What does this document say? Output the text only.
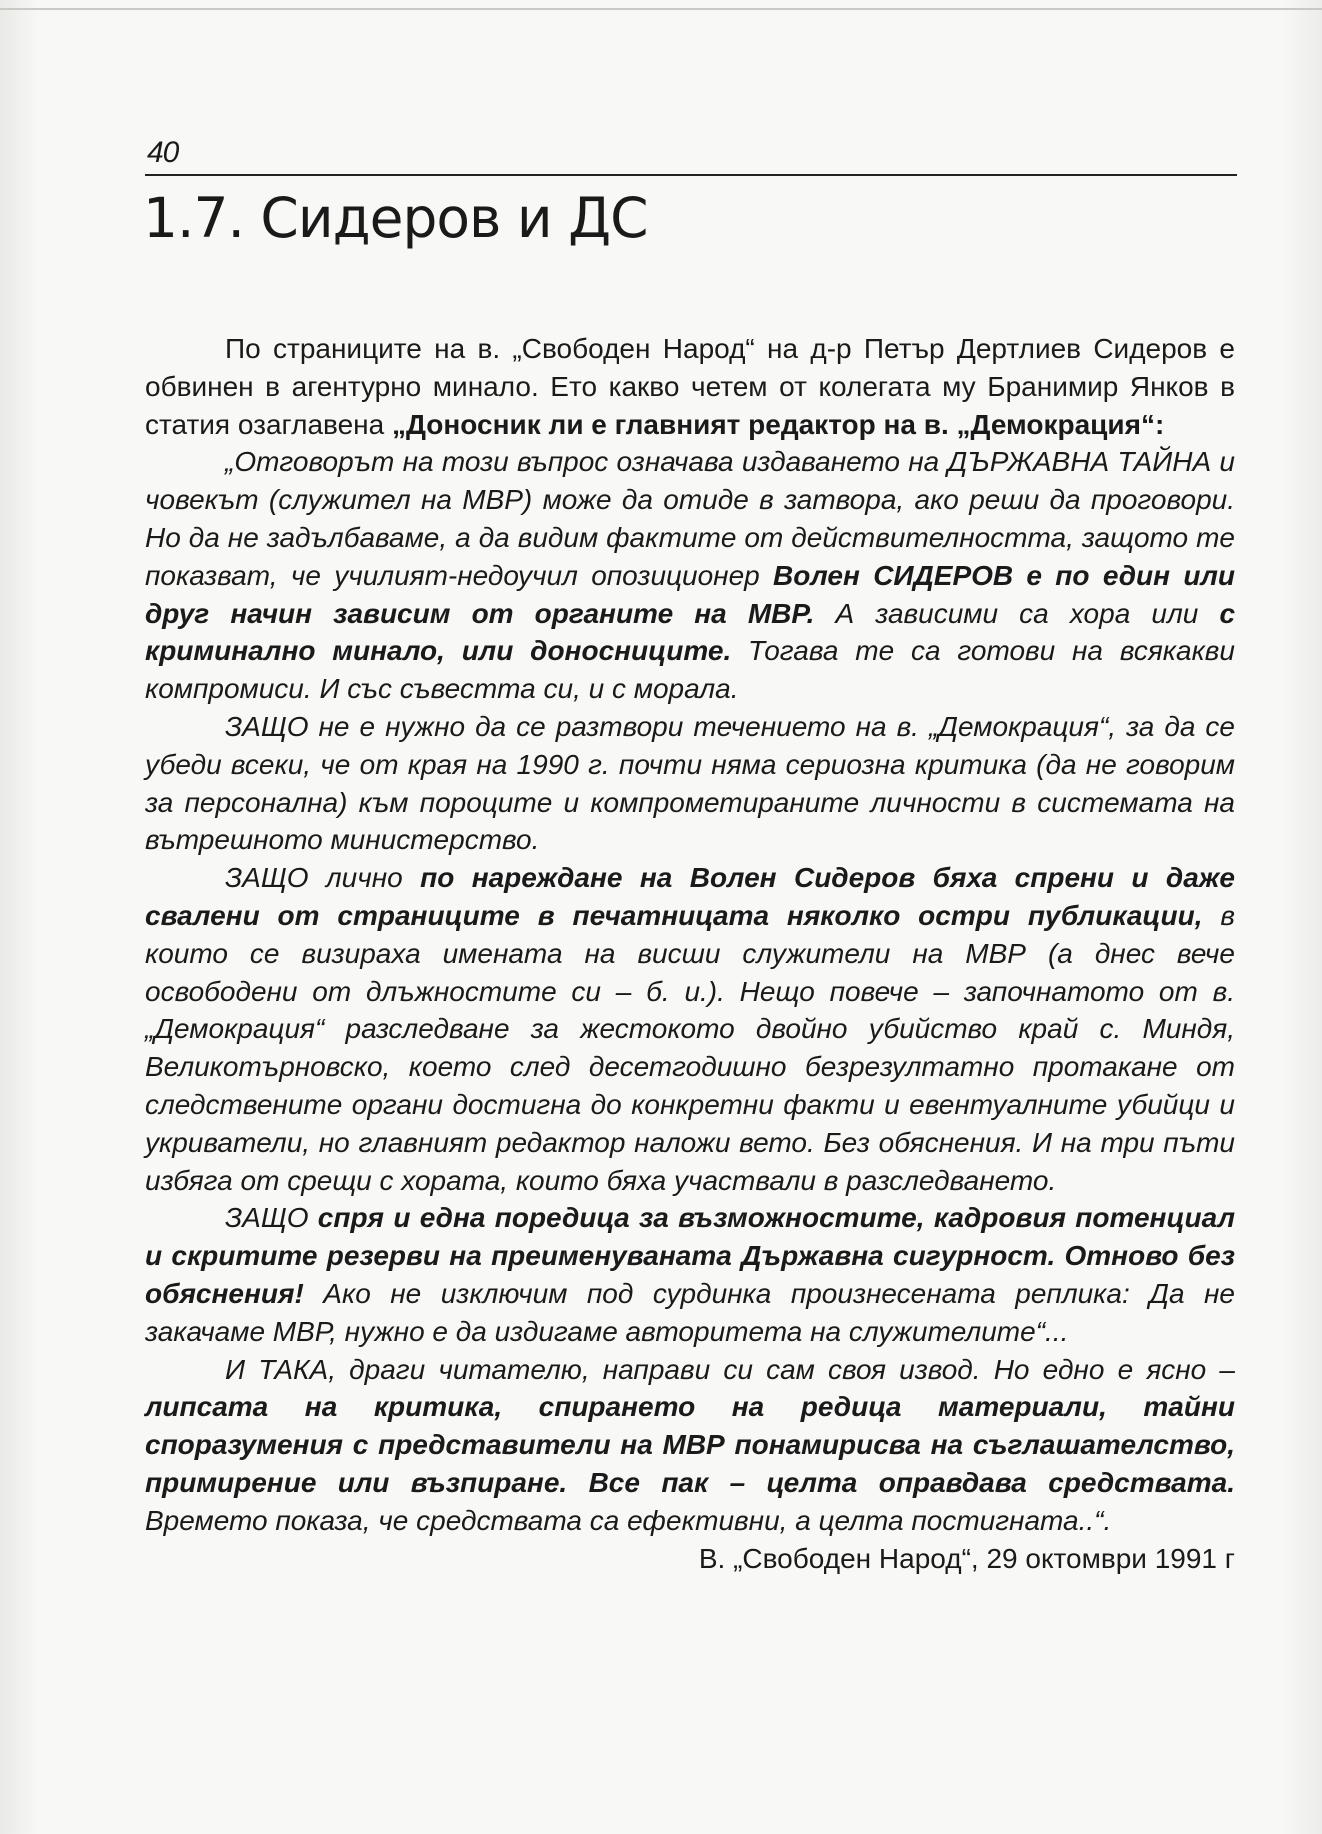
40
1.7. Сидеров и ДС

По страниците на в. „Свободен Народ“ на д-р Петър Дертлиев Сидеров е обвинен в агентурно минало. Ето какво четем от колегата му Бранимир Янков в статия озаглавена „Доносник ли е главният редактор на в. „Демокрация“:

„Отговорът на този въпрос означава издаването на ДЪРЖАВНА ТАЙНА и човекът (служител на МВР) може да отиде в затвора, ако реши да проговори. Но да не задълбаваме, а да видим фактите от действителността, защото те показват, че училият-недоучил опозиционер Волен СИДЕРОВ е по един или друг начин зависим от органите на МВР. А зависими са хора или с криминално минало, или доносниците. Тогава те са готови на всякакви компромиси. И със съвестта си, и с морала.

ЗАЩО не е нужно да се разтвори течението на в. „Демокрация“, за да се убеди всеки, че от края на 1990 г. почти няма сериозна критика (да не говорим за персонална) към пороците и компрометираните личности в системата на вътрешното министерство.

ЗАЩО лично по нареждане на Волен Сидеров бяха спрени и даже свалени от страниците в печатницата няколко остри публикации, в които се визираха имената на висши служители на МВР (а днес вече освободени от длъжностите си – б. и.). Нещо повече – започнатото от в. „Демокрация“ разследване за жестокото двойно убийство край с. Миндя, Великотърновско, което след десетгодишно безрезултатно протакане от следствените органи достигна до конкретни факти и евентуалните убийци и укриватели, но главният редактор наложи вето. Без обяснения. И на три пъти избяга от срещи с хората, които бяха участвали в разследването.

ЗАЩО спря и една поредица за възможностите, кадровия потенциал и скритите резерви на преименуваната Държавна сигурност. Отново без обяснения! Ако не изключим под сурдинка произнесената реплика: Да не закачаме МВР, нужно е да издигаме авторитета на служителите“...

И ТАКА, драги читателю, направи си сам своя извод. Но едно е ясно – липсата на критика, спирането на редица материали, тайни споразумения с представители на МВР понамирисва на съглашателство, примирение или възпиране. Все пак – целта оправдава средствата. Времето показа, че средствата са ефективни, а целта постигната..“.

В. „Свободен Народ“, 29 октомври 1991 г
